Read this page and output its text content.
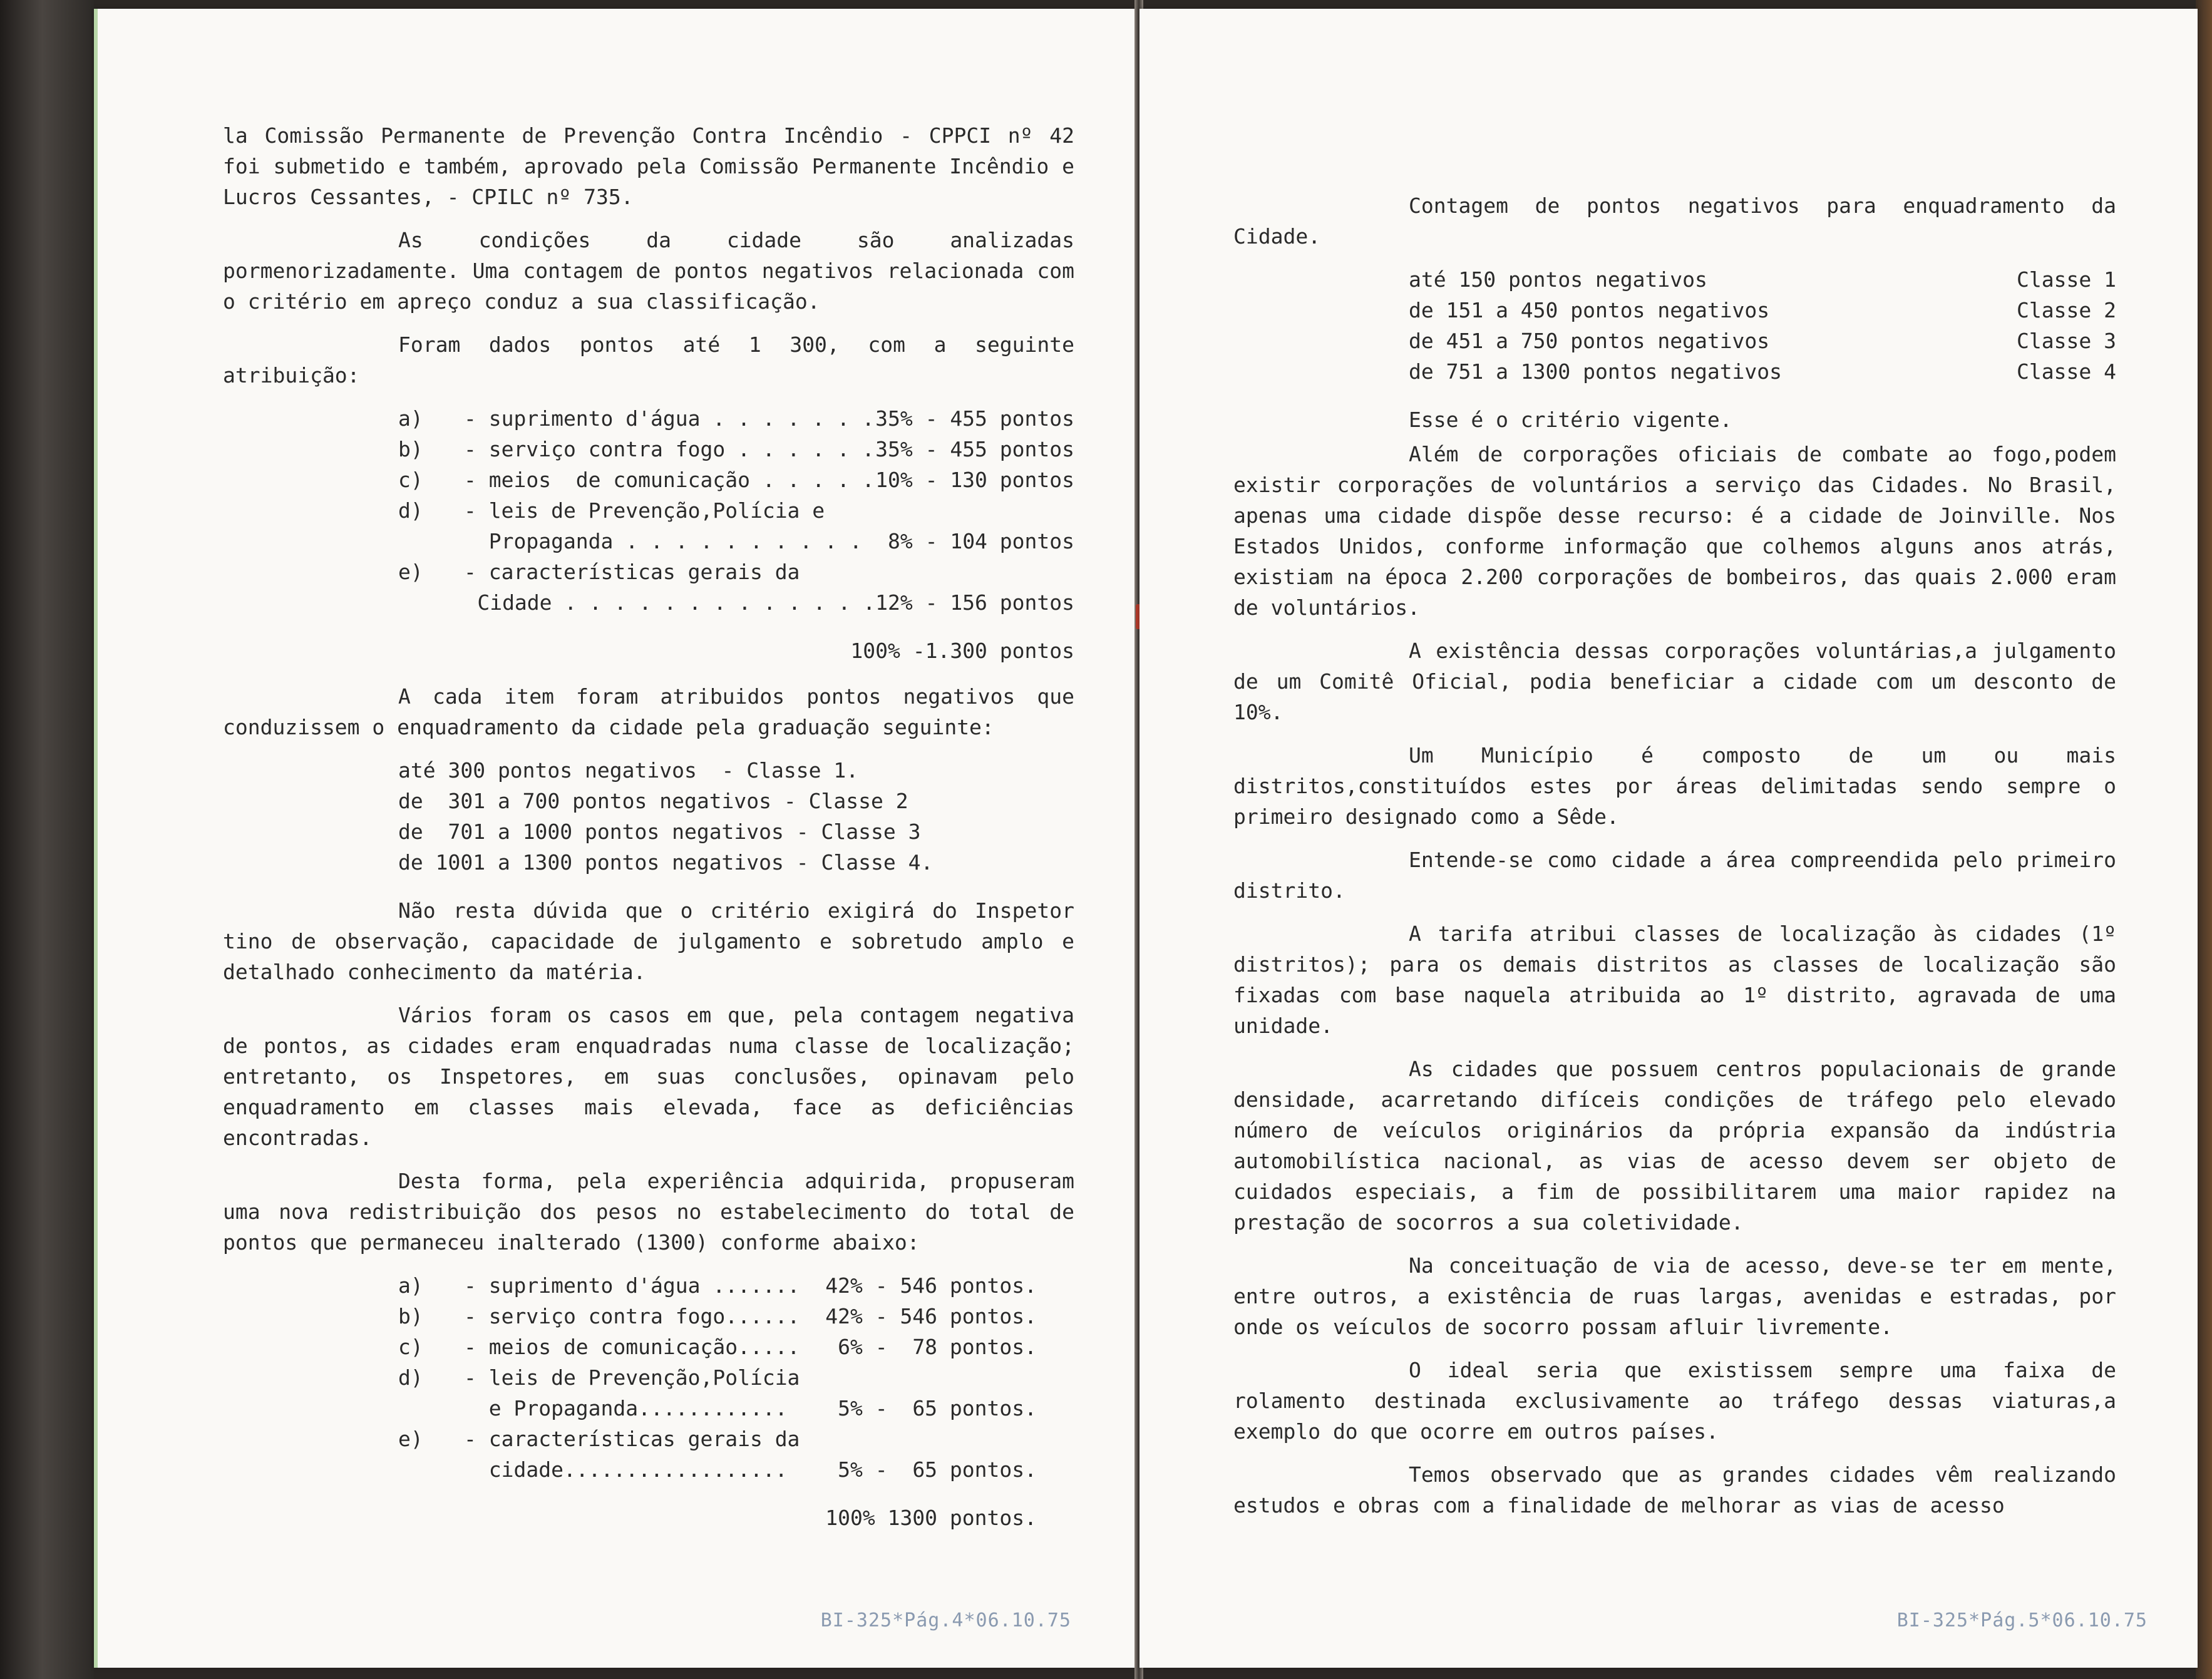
la Comissão Permanente de Prevenção Contra Incêndio - CPPCI nº 42 foi submetido e também, aprovado pela Comissão Permanente Incêndio e Lucros Cessantes, - CPILC nº 735.

As condições da cidade são analizadas pormenorizadamente. Uma contagem de pontos negativos relacionada com o critério em apreço conduz a sua classificação.

Foram dados pontos até 1 300, com a seguinte atribuição:

a)	- suprimento d'água . . . . . . . 35% - 455 pontos
b)	- serviço contra fogo . . . . . . 35% - 455 pontos
c)	- meios  de comunicação . . . . . 10% - 130 pontos
d)	- leis de Prevenção,Polícia e
Propaganda . . . . . . . . . . 8% - 104 pontos
e)	- características gerais da
Cidade . . . . . . . . . . . . . 12% - 156 pontos
100% -1.300 pontos

A cada item foram atribuidos pontos negativos que conduzissem o enquadramento da cidade pela graduação seguinte:

até 300 pontos negativos  - Classe 1.
de  301 a 700 pontos negativos - Classe 2
de  701 a 1000 pontos negativos - Classe 3
de 1001 a 1300 pontos negativos - Classe 4.

Não resta dúvida que o critério exigirá do Inspetor tino de observação, capacidade de julgamento e sobretudo amplo e detalhado conhecimento da matéria.

Vários foram os casos em que, pela contagem negativa de pontos, as cidades eram enquadradas numa classe de localização; entretanto, os Inspetores, em suas conclusões, opinavam pelo enquadramento em classes mais elevada, face as deficiências encontradas.

Desta forma, pela experiência adquirida, propuseram uma nova redistribuição dos pesos no estabelecimento do total de pontos que permaneceu inalterado (1300) conforme abaixo:

a)	- suprimento d'água ....... 42% - 546 pontos.
b)	- serviço contra fogo...... 42% - 546 pontos.
c)	- meios de comunicação..... 6% -  78 pontos.
d)	- leis de Prevenção,Polícia
e Propaganda............ 5% -  65 pontos.
e)	- características gerais da
cidade.................. 5% -  65 pontos.
100% 1300 pontos.
BI-325*Pág.4*06.10.75

Contagem de pontos negativos para enquadramento da Cidade.

até 150 pontos negativos	Classe 1
de 151 a 450 pontos negativos	Classe 2
de 451 a 750 pontos negativos	Classe 3
de 751 a 1300 pontos negativos	Classe 4

Esse é o critério vigente.

Além de corporações oficiais de combate ao fogo,podem existir corporações de voluntários a serviço das Cidades. No Brasil, apenas uma cidade dispõe desse recurso: é a cidade de Joinville. Nos Estados Unidos, conforme informação que colhemos alguns anos atrás, existiam na época 2.200 corporações de bombeiros, das quais 2.000 eram de voluntários.

A existência dessas corporações voluntárias,a julgamento de um Comitê Oficial, podia beneficiar a cidade com um desconto de 10%.

Um Município é composto de um ou mais distritos,constituídos estes por áreas delimitadas sendo sempre o primeiro designado como a Sêde.

Entende-se como cidade a área compreendida pelo primeiro distrito.

A tarifa atribui classes de localização às cidades (1º distritos); para os demais distritos as classes de localização são fixadas com base naquela atribuida ao 1º distrito, agravada de uma unidade.

As cidades que possuem centros populacionais de grande densidade, acarretando difíceis condições de tráfego pelo elevado número de veículos originários da própria expansão da indústria automobilística nacional, as vias de acesso devem ser objeto de cuidados especiais, a fim de possibilitarem uma maior rapidez na prestação de socorros a sua coletividade.

Na conceituação de via de acesso, deve-se ter em mente, entre outros, a existência de ruas largas, avenidas e estradas, por onde os veículos de socorro possam afluir livremente.

O ideal seria que existissem sempre uma faixa de rolamento destinada exclusivamente ao tráfego dessas viaturas,a exemplo do que ocorre em outros países.

Temos observado que as grandes cidades vêm realizando estudos e obras com a finalidade de melhorar as vias de acesso

BI-325*Pág.5*06.10.75
